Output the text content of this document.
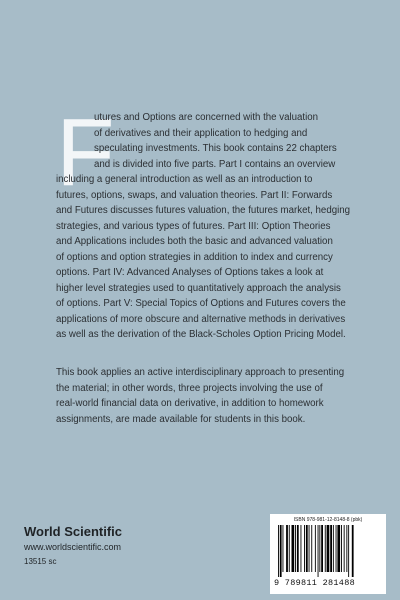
F
utures and Options are concerned with the valuation
of derivatives and their application to hedging and
speculating investments. This book contains 22 chapters
and is divided into five parts. Part I contains an overview
including a general introduction as well as an introduction to
futures, options, swaps, and valuation theories. Part II: Forwards
and Futures discusses futures valuation, the futures market, hedging
strategies, and various types of futures. Part III: Option Theories
and Applications includes both the basic and advanced valuation
of options and option strategies in addition to index and currency
options. Part IV: Advanced Analyses of Options takes a look at
higher level strategies used to quantitatively approach the analysis
of options. Part V: Special Topics of Options and Futures covers the
applications of more obscure and alternative methods in derivatives
as well as the derivation of the Black-Scholes Option Pricing Model.
This book applies an active interdisciplinary approach to presenting
the material; in other words, three projects involving the use of
real-world financial data on derivative, in addition to homework
assignments, are made available for students in this book.
World Scientific
www.worldscientific.com
13515 sc
ISBN 978-981-12-8148-8 (pbk)
9 789811 281488
